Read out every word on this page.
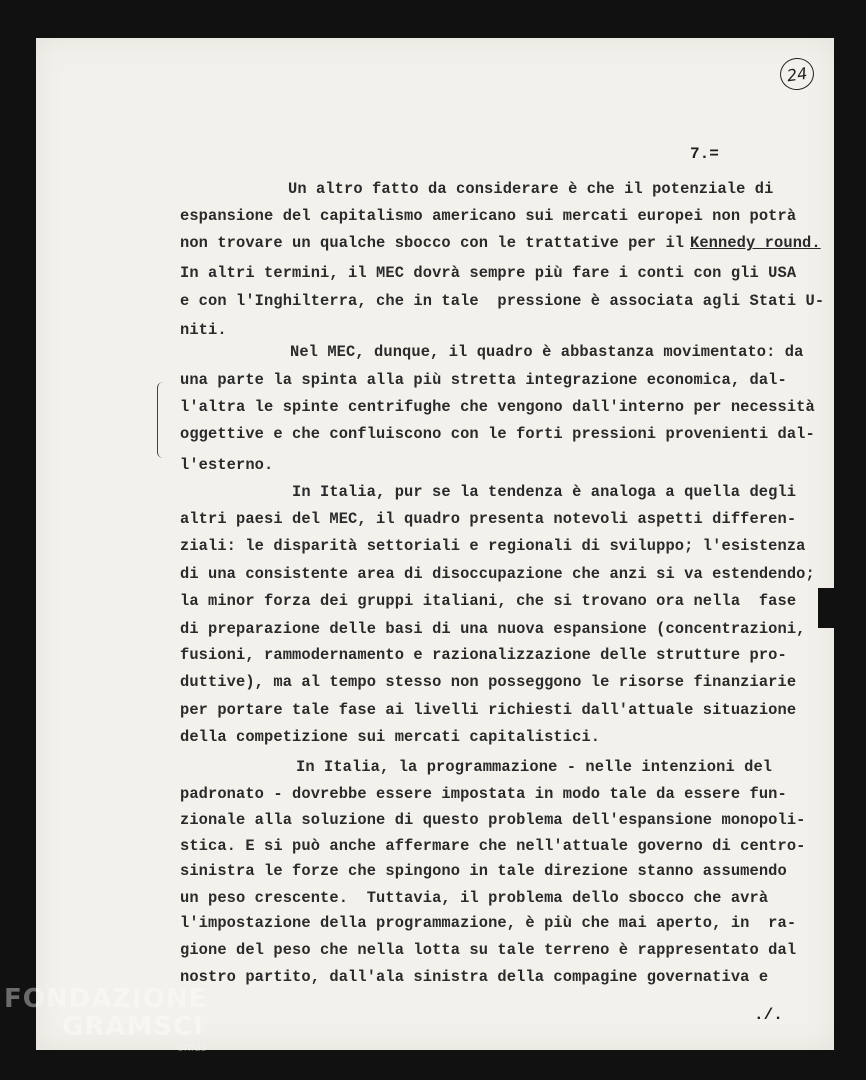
24
7.=
Un altro fatto da considerare è che il potenziale di
espansione del capitalismo americano sui mercati europei non potrà
non trovare un qualche sbocco con le trattative per il Kennedy round.
In altri termini, il MEC dovrà sempre più fare i conti con gli USA
e con l'Inghilterra, che in tale  pressione è associata agli Stati U-
niti.
Nel MEC, dunque, il quadro è abbastanza movimentato: da
una parte la spinta alla più stretta integrazione economica, dal-
l'altra le spinte centrifughe che vengono dall'interno per necessità
oggettive e che confluiscono con le forti pressioni provenienti dal-
l'esterno.
In Italia, pur se la tendenza è analoga a quella degli
altri paesi del MEC, il quadro presenta notevoli aspetti differen-
ziali: le disparità settoriali e regionali di sviluppo; l'esistenza
di una consistente area di disoccupazione che anzi si va estendendo;
la minor forza dei gruppi italiani, che si trovano ora nella  fase
di preparazione delle basi di una nuova espansione (concentrazioni,
fusioni, rammodernamento e razionalizzazione delle strutture pro-
duttive), ma al tempo stesso non posseggono le risorse finanziarie
per portare tale fase ai livelli richiesti dall'attuale situazione
della competizione sui mercati capitalistici.
In Italia, la programmazione - nelle intenzioni del
padronato - dovrebbe essere impostata in modo tale da essere fun-
zionale alla soluzione di questo problema dell'espansione monopoli-
stica. E si può anche affermare che nell'attuale governo di centro-
sinistra le forze che spingono in tale direzione stanno assumendo
un peso crescente.  Tuttavia, il problema dello sbocco che avrà
l'impostazione della programmazione, è più che mai aperto, in  ra-
gione del peso che nella lotta su tale terreno è rappresentato dal
nostro partito, dall'ala sinistra della compagine governativa e
./.
FONDAZIONE
GRAMSCI
onlus
